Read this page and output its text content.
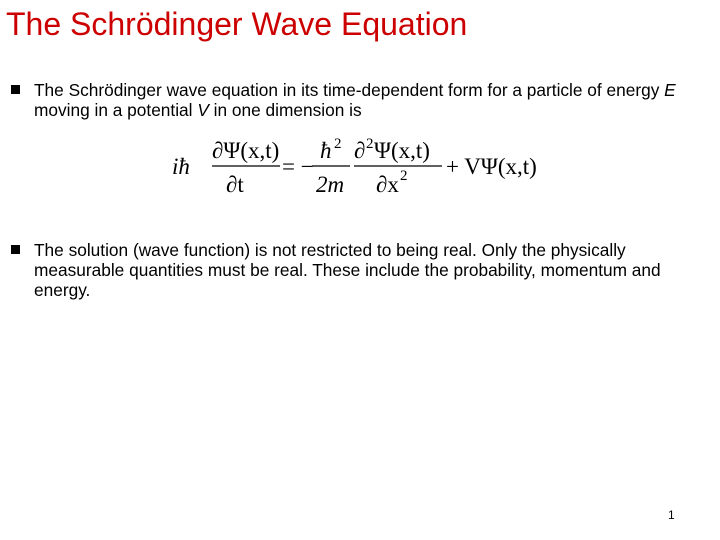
The Schrödinger Wave Equation
The Schrödinger wave equation in its time-dependent form for a particle of energy E moving in a potential V in one dimension is
iħ
∂Ψ(x,t)
∂t
= −
ħ 2
2m
∂ 2 Ψ(x,t)
∂x 2 + VΨ(x,t)
The solution (wave function) is not restricted to being real. Only the physically measurable quantities must be real. These include the probability, momentum and energy.
1
